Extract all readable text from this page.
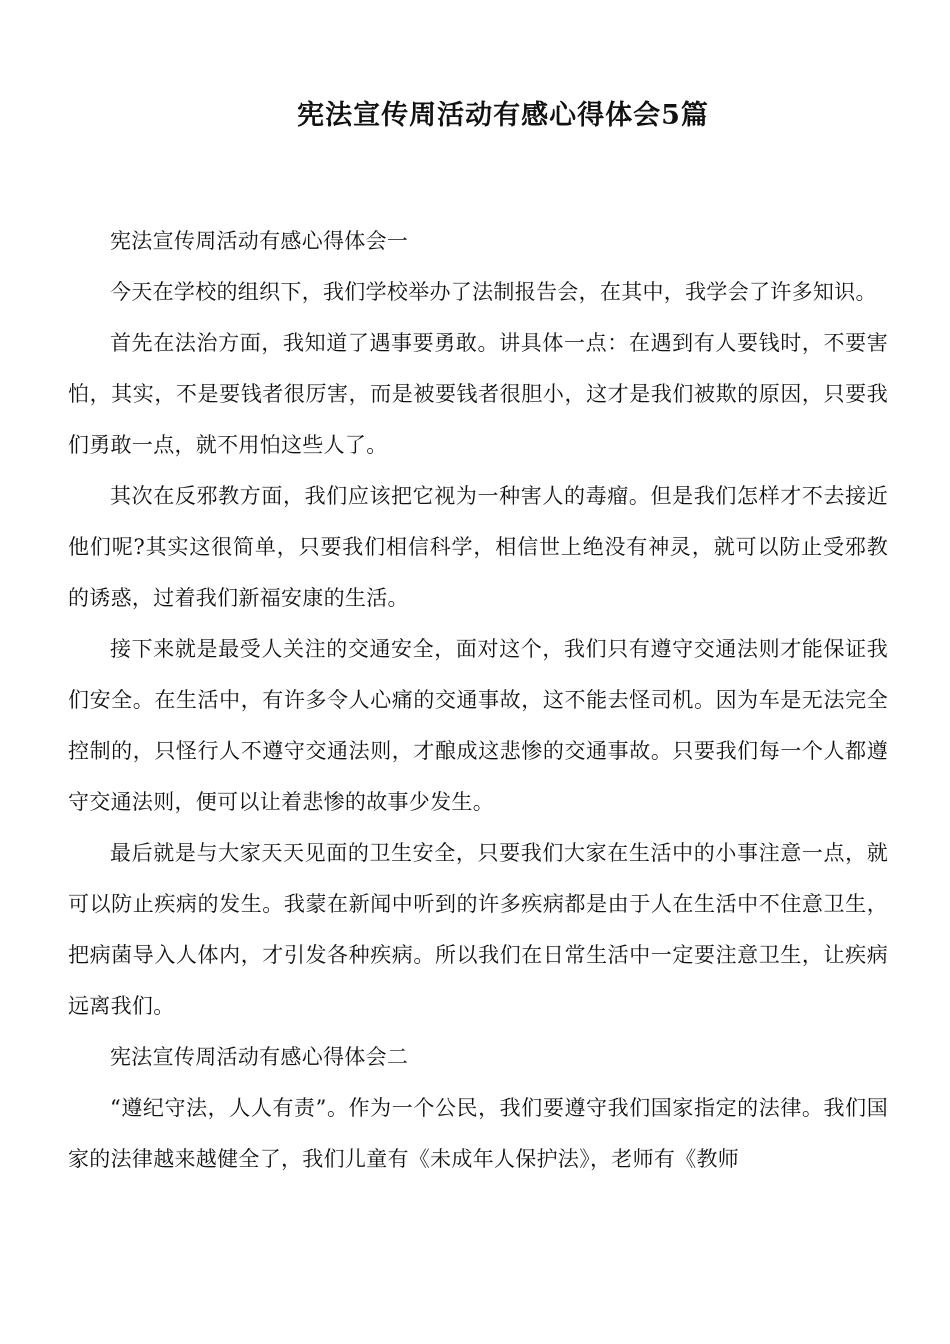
宪法宣传周活动有感心得体会5篇

宪法宣传周活动有感心得体会一

今天在学校的组织下，我们学校举办了法制报告会，在其中，我学会了许多知识。

首先在法治方面，我知道了遇事要勇敢。讲具体一点：在遇到有人要钱时，不要害怕，其实，不是要钱者很厉害，而是被要钱者很胆小，这才是我们被欺的原因，只要我们勇敢一点，就不用怕这些人了。

其次在反邪教方面，我们应该把它视为一种害人的毒瘤。但是我们怎样才不去接近他们呢?其实这很简单，只要我们相信科学，相信世上绝没有神灵，就可以防止受邪教的诱惑，过着我们新福安康的生活。

接下来就是最受人关注的交通安全，面对这个，我们只有遵守交通法则才能保证我们安全。在生活中，有许多令人心痛的交通事故，这不能去怪司机。因为车是无法完全控制的，只怪行人不遵守交通法则，才酿成这悲惨的交通事故。只要我们每一个人都遵守交通法则，便可以让着悲惨的故事少发生。

最后就是与大家天天见面的卫生安全，只要我们大家在生活中的小事注意一点，就可以防止疾病的发生。我蒙在新闻中听到的许多疾病都是由于人在生活中不住意卫生，把病菌导入人体内，才引发各种疾病。所以我们在日常生活中一定要注意卫生，让疾病远离我们。

宪法宣传周活动有感心得体会二

“遵纪守法，人人有责”。作为一个公民，我们要遵守我们国家指定的法律。我们国家的法律越来越健全了，我们儿童有《未成年人保护法》，老师有《教师
